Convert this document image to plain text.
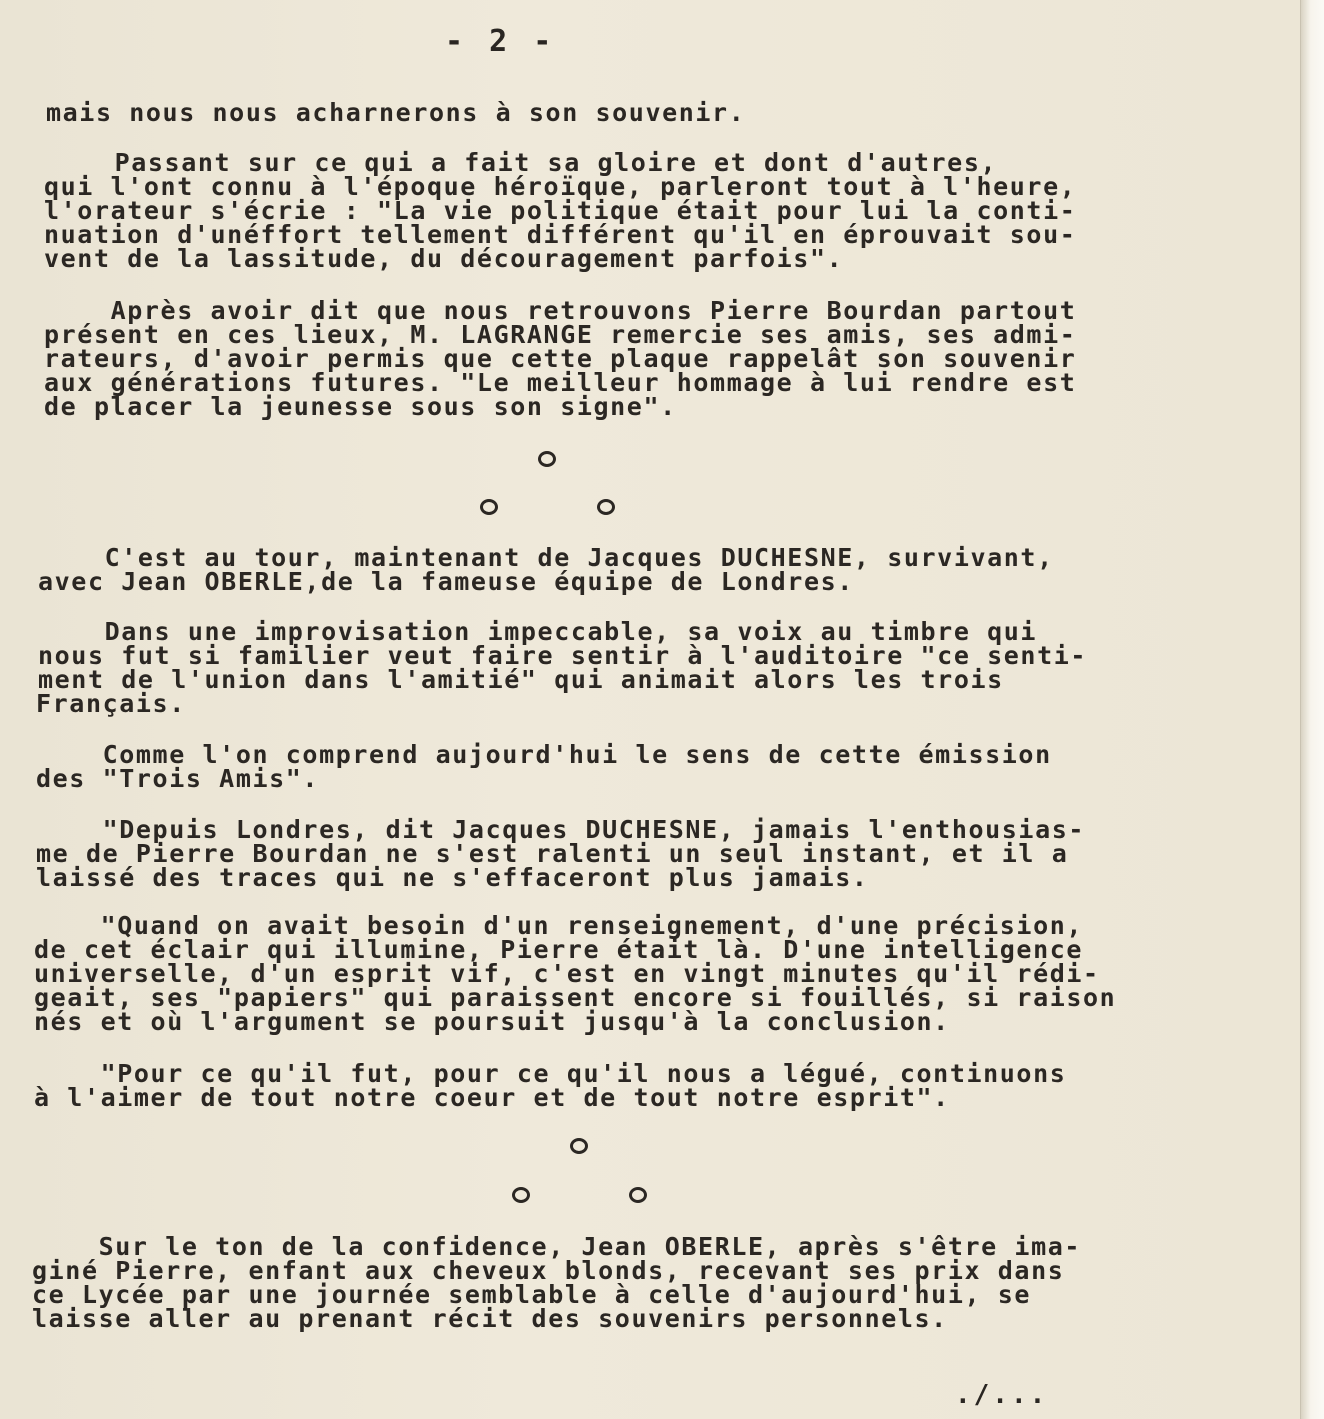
- 2 -
mais nous nous acharnerons à son souvenir.
Passant sur ce qui a fait sa gloire et dont d'autres,
qui l'ont connu à l'époque héroïque, parleront tout à l'heure,
l'orateur s'écrie : "La vie politique était pour lui la conti-
nuation d'unéffort tellement différent qu'il en éprouvait sou-
vent de la lassitude, du découragement parfois".
Après avoir dit que nous retrouvons Pierre Bourdan partout
présent en ces lieux, M. LAGRANGE remercie ses amis, ses admi-
rateurs, d'avoir permis que cette plaque rappelât son souvenir
aux générations futures. "Le meilleur hommage à lui rendre est
de placer la jeunesse sous son signe".
C'est au tour, maintenant de Jacques DUCHESNE, survivant,
avec Jean OBERLE,de la fameuse équipe de Londres.
Dans une improvisation impeccable, sa voix au timbre qui
nous fut si familier veut faire sentir à l'auditoire "ce senti-
ment de l'union dans l'amitié" qui animait alors les trois
Français.
Comme l'on comprend aujourd'hui le sens de cette émission
des "Trois Amis".
"Depuis Londres, dit Jacques DUCHESNE, jamais l'enthousias-
me de Pierre Bourdan ne s'est ralenti un seul instant, et il a
laissé des traces qui ne s'effaceront plus jamais.
"Quand on avait besoin d'un renseignement, d'une précision,
de cet éclair qui illumine, Pierre était là. D'une intelligence
universelle, d'un esprit vif, c'est en vingt minutes qu'il rédi-
geait, ses "papiers" qui paraissent encore si fouillés, si raison
nés et où l'argument se poursuit jusqu'à la conclusion.
"Pour ce qu'il fut, pour ce qu'il nous a légué, continuons
à l'aimer de tout notre coeur et de tout notre esprit".
Sur le ton de la confidence, Jean OBERLE, après s'être ima-
giné Pierre, enfant aux cheveux blonds, recevant ses prix dans
ce Lycée par une journée semblable à celle d'aujourd'hui, se
laisse aller au prenant récit des souvenirs personnels.
./...
